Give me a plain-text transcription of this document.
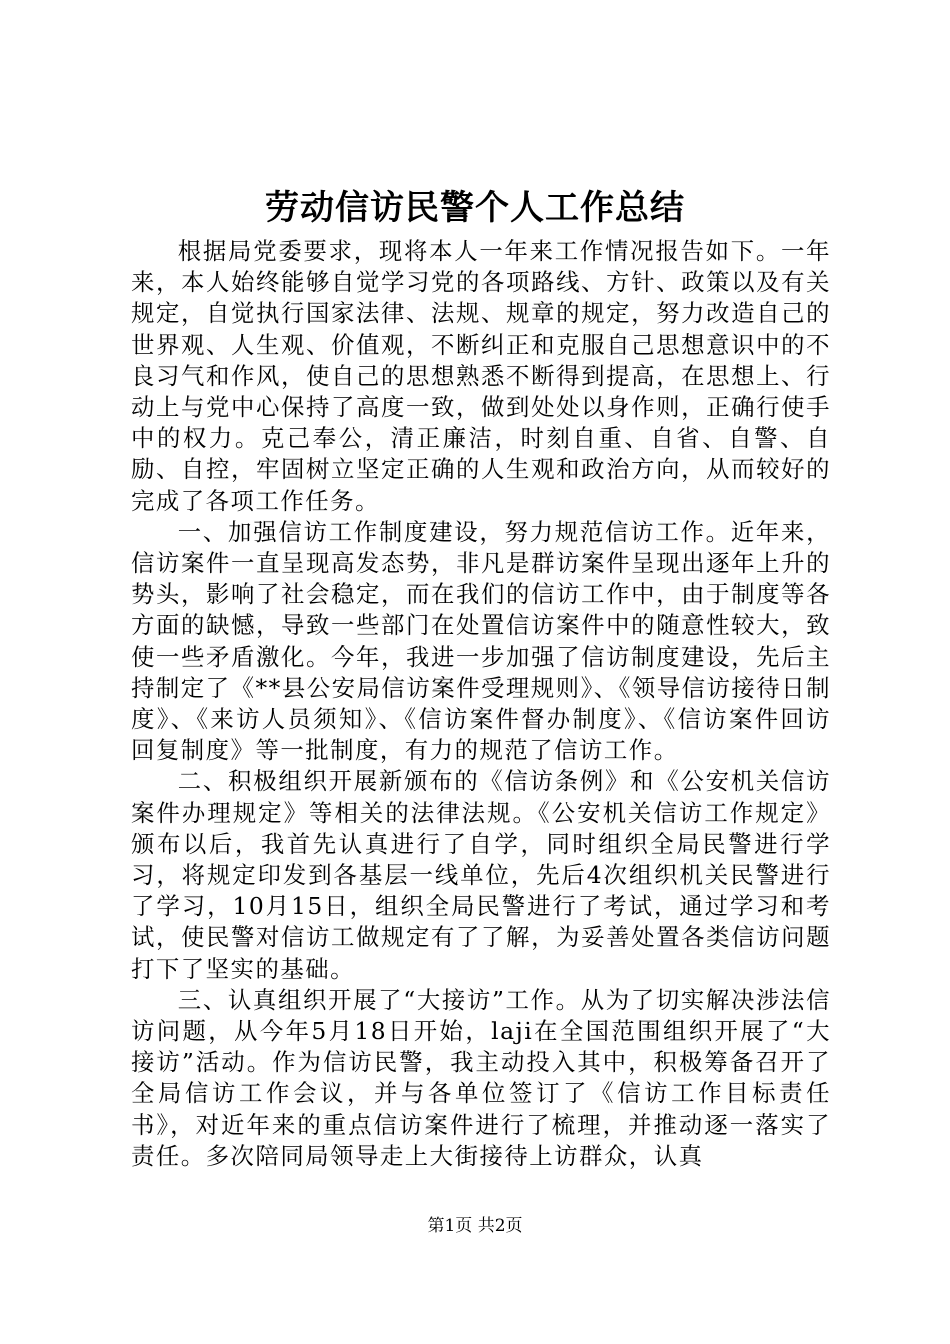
劳动信访民警个人工作总结

根据局党委要求，现将本人一年来工作情况报告如下。一年来，本人始终能够自觉学习党的各项路线、方针、政策以及有关规定，自觉执行国家法律、法规、规章的规定，努力改造自己的世界观、人生观、价值观，不断纠正和克服自己思想意识中的不良习气和作风，使自己的思想熟悉不断得到提高，在思想上、行动上与党中心保持了高度一致，做到处处以身作则，正确行使手中的权力。克己奉公，清正廉洁，时刻自重、自省、自警、自励、自控，牢固树立坚定正确的人生观和政治方向，从而较好的完成了各项工作任务。

一、加强信访工作制度建设，努力规范信访工作。近年来，信访案件一直呈现高发态势，非凡是群访案件呈现出逐年上升的势头，影响了社会稳定，而在我们的信访工作中，由于制度等各方面的缺憾，导致一些部门在处置信访案件中的随意性较大，致使一些矛盾激化。今年，我进一步加强了信访制度建设，先后主持制定了《**县公安局信访案件受理规则》、《领导信访接待日制度》、《来访人员须知》、《信访案件督办制度》、《信访案件回访回复制度》等一批制度，有力的规范了信访工作。

二、积极组织开展新颁布的《信访条例》和《公安机关信访案件办理规定》等相关的法律法规。《公安机关信访工作规定》颁布以后，我首先认真进行了自学，同时组织全局民警进行学习，将规定印发到各基层一线单位，先后4次组织机关民警进行了学习，10月15日，组织全局民警进行了考试，通过学习和考试，使民警对信访工做规定有了了解，为妥善处置各类信访问题打下了坚实的基础。

三、认真组织开展了“大接访”工作。从为了切实解决涉法信访问题，从今年5月18日开始，laji在全国范围组织开展了“大接访”活动。作为信访民警，我主动投入其中，积极筹备召开了全局信访工作会议，并与各单位签订了《信访工作目标责任书》，对近年来的重点信访案件进行了梳理，并推动逐一落实了责任。多次陪同局领导走上大街接待上访群众，认真

第1页 共2页
